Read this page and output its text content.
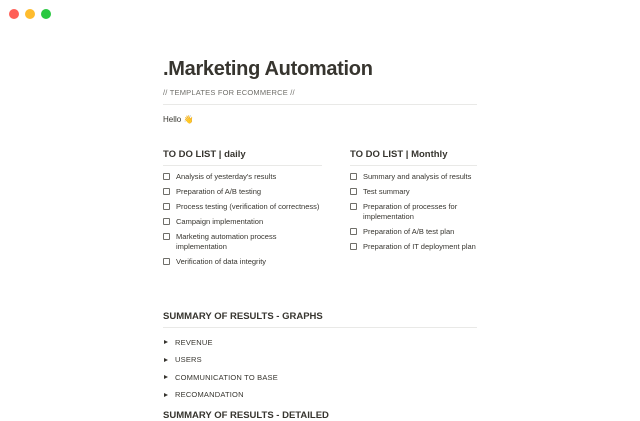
.Marketing Automation
// TEMPLATES FOR ECOMMERCE //
Hello 👋
TO DO LIST | daily
Analysis of yesterday's results
Preparation of A/B testing
Process testing (verification of correctness)
Campaign implementation
Marketing automation process implementation
Verification of data integrity
TO DO LIST | Monthly
Summary and analysis of results
Test summary
Preparation of processes for implementation
Preparation of A/B test plan
Preparation of IT deployment plan
SUMMARY OF RESULTS - GRAPHS
REVENUE
USERS
COMMUNICATION TO BASE
RECOMANDATION
SUMMARY OF RESULTS - DETAILED
